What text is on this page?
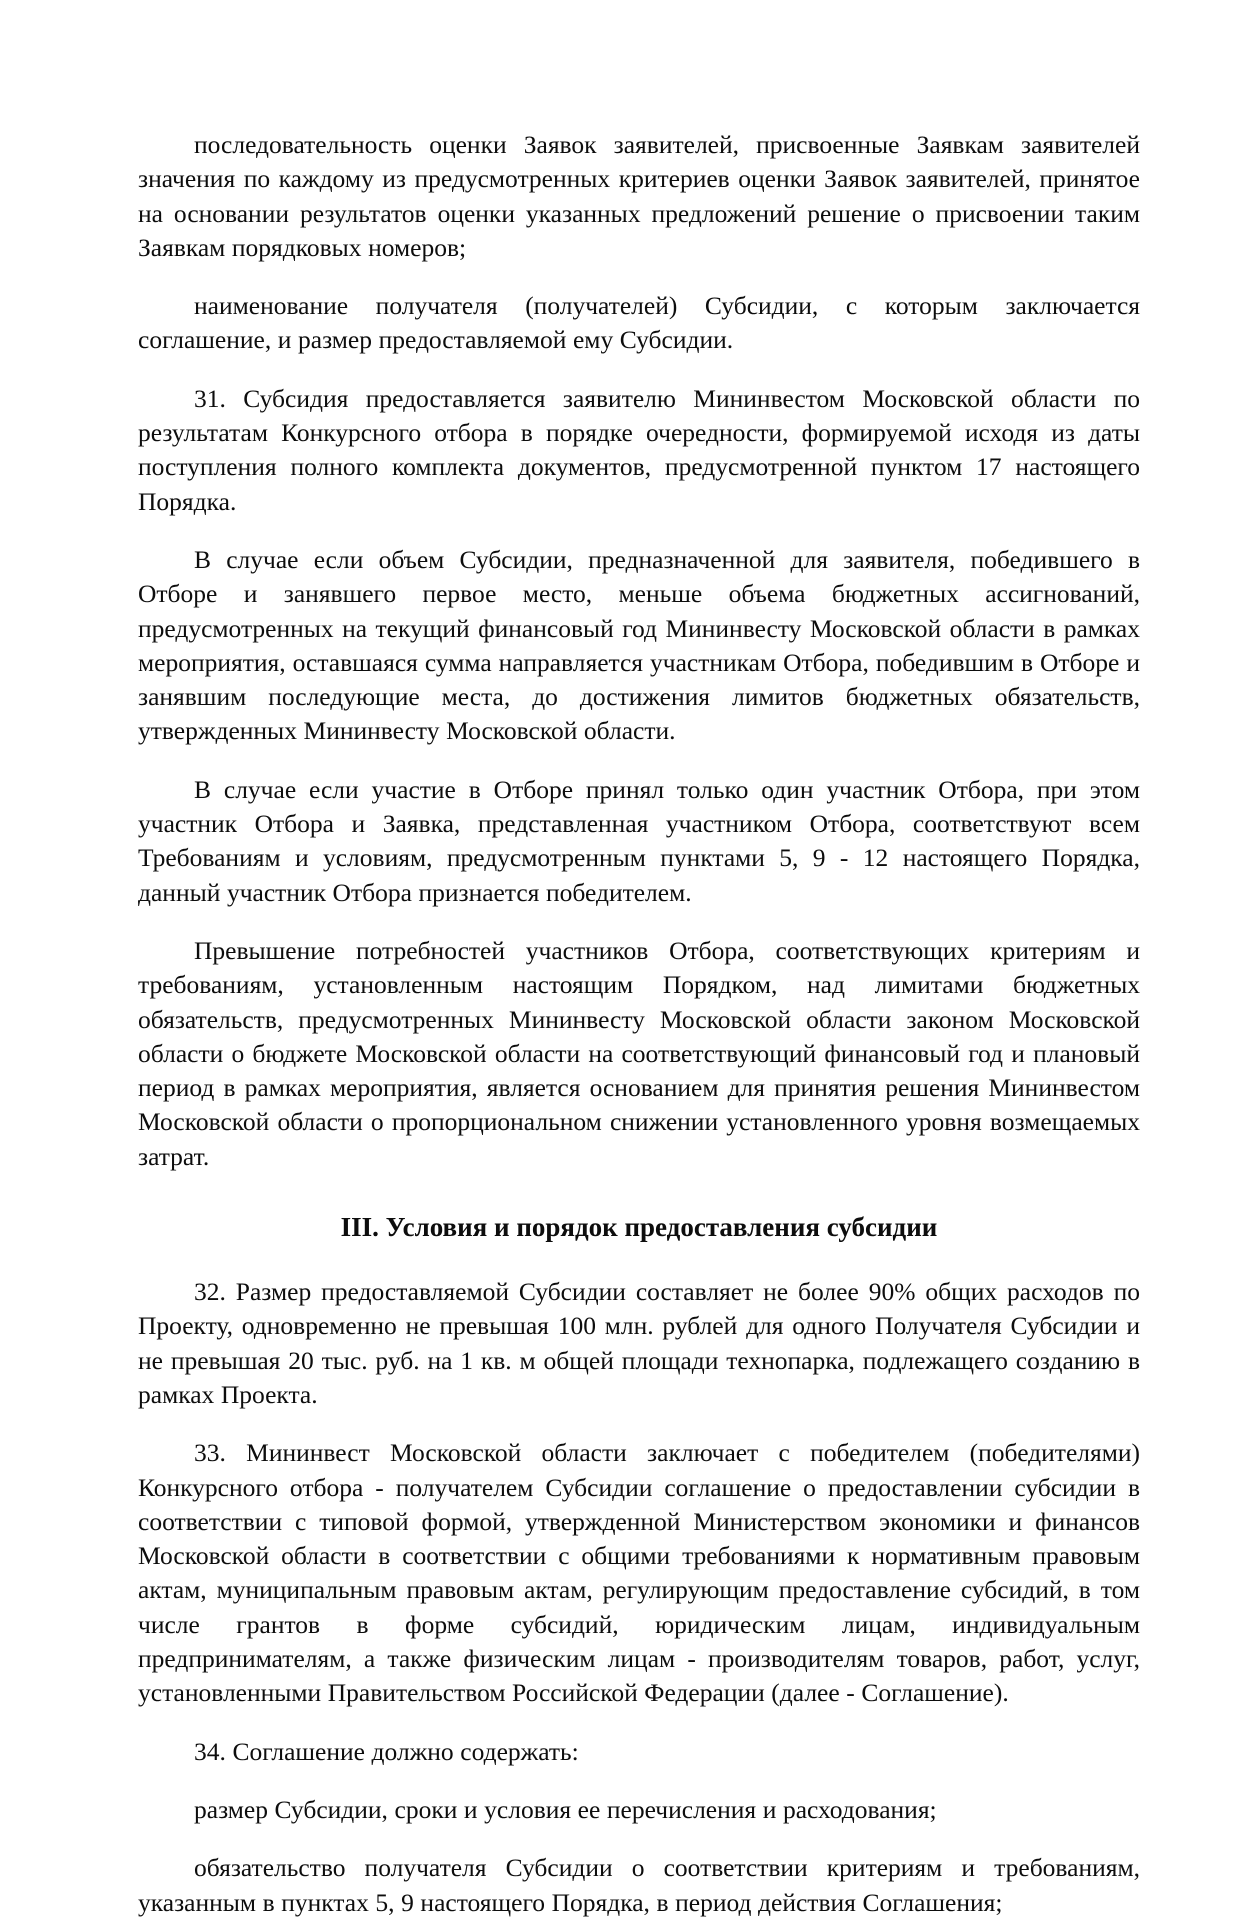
последовательность оценки Заявок заявителей, присвоенные Заявкам заявителей значения по каждому из предусмотренных критериев оценки Заявок заявителей, принятое на основании результатов оценки указанных предложений решение о присвоении таким Заявкам порядковых номеров;

наименование получателя (получателей) Субсидии, с которым заключается соглашение, и размер предоставляемой ему Субсидии.

31. Субсидия предоставляется заявителю Мининвестом Московской области по результатам Конкурсного отбора в порядке очередности, формируемой исходя из даты поступления полного комплекта документов, предусмотренной пунктом 17 настоящего Порядка.

В случае если объем Субсидии, предназначенной для заявителя, победившего в Отборе и занявшего первое место, меньше объема бюджетных ассигнований, предусмотренных на текущий финансовый год Мининвесту Московской области в рамках мероприятия, оставшаяся сумма направляется участникам Отбора, победившим в Отборе и занявшим последующие места, до достижения лимитов бюджетных обязательств, утвержденных Мининвесту Московской области.

В случае если участие в Отборе принял только один участник Отбора, при этом участник Отбора и Заявка, представленная участником Отбора, соответствуют всем Требованиям и условиям, предусмотренным пунктами 5, 9 - 12 настоящего Порядка, данный участник Отбора признается победителем.

Превышение потребностей участников Отбора, соответствующих критериям и требованиям, установленным настоящим Порядком, над лимитами бюджетных обязательств, предусмотренных Мининвесту Московской области законом Московской области о бюджете Московской области на соответствующий финансовый год и плановый период в рамках мероприятия, является основанием для принятия решения Мининвестом Московской области о пропорциональном снижении установленного уровня возмещаемых затрат.

III. Условия и порядок предоставления субсидии

32. Размер предоставляемой Субсидии составляет не более 90% общих расходов по Проекту, одновременно не превышая 100 млн. рублей для одного Получателя Субсидии и не превышая 20 тыс. руб. на 1 кв. м общей площади технопарка, подлежащего созданию в рамках Проекта.

33. Мининвест Московской области заключает с победителем (победителями) Конкурсного отбора - получателем Субсидии соглашение о предоставлении субсидии в соответствии с типовой формой, утвержденной Министерством экономики и финансов Московской области в соответствии с общими требованиями к нормативным правовым актам, муниципальным правовым актам, регулирующим предоставление субсидий, в том числе грантов в форме субсидий, юридическим лицам, индивидуальным предпринимателям, а также физическим лицам - производителям товаров, работ, услуг, установленными Правительством Российской Федерации (далее - Соглашение).

34. Соглашение должно содержать:

размер Субсидии, сроки и условия ее перечисления и расходования;

обязательство получателя Субсидии о соответствии критериям и требованиям, указанным в пунктах 5, 9 настоящего Порядка, в период действия Соглашения;
